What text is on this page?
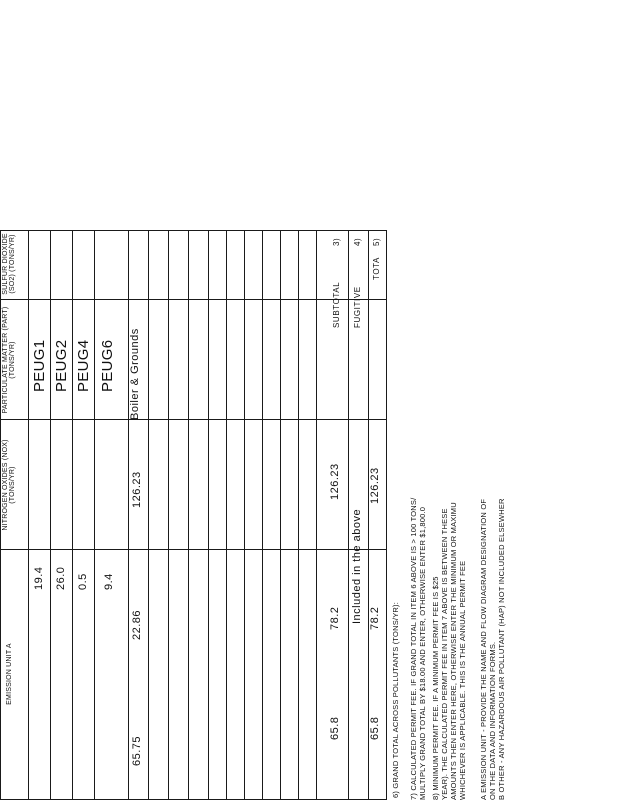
EMISSION UNIT A
NITROGEN OXIDES (NOX) (TONS/YR)
PARTICULATE MATTER (PART) (TONS/YR)
SULFUR DIOXIDE (SO2) (TONS/YR)
PEUG1
19.4
PEUG2
26.0
PEUG4
0.5
PEUG6
9.4
Boiler & Grounds
126.23
22.86
65.75
3)
SUBTOTAL
126.23
78.2
65.8
4)
FUGITIVE
Included in the above
5)
TOTA
126.23
78.2
65.8 6) GRAND TOTAL ACROSS POLLUTANTS (TONS/YR): 7) CALCULATED PERMIT FEE. IF GRAND TOTAL IN ITEM 6 ABOVE IS > 100 TONS/ MULTIPLY GRAND TOTAL BY $18.00 AND ENTER, OTHERWISE ENTER $1,800.0 8) MINIMUM PERMIT FEE. IF A MINIMUM PERMIT FEE IS $25 YEAR). THE CALCULATED PERMIT FEE IN ITEM 7 ABOVE IS BETWEEN THESE AMOUNTS THEN ENTER HERE, OTHERWISE ENTER THE MINIMUM OR MAXIMU WHICHEVER IS APPLICABLE. THIS IS THE ANNUAL PERMIT FEE A EMISSION UNIT - PROVIDE THE NAME AND FLOW DIAGRAM DESIGNATION OF ON THE DATA AND INFORMATION FORMS. B OTHER - ANY HAZARDOUS AIR POLLUTANT (HAP) NOT INCLUDED ELSEWHER
